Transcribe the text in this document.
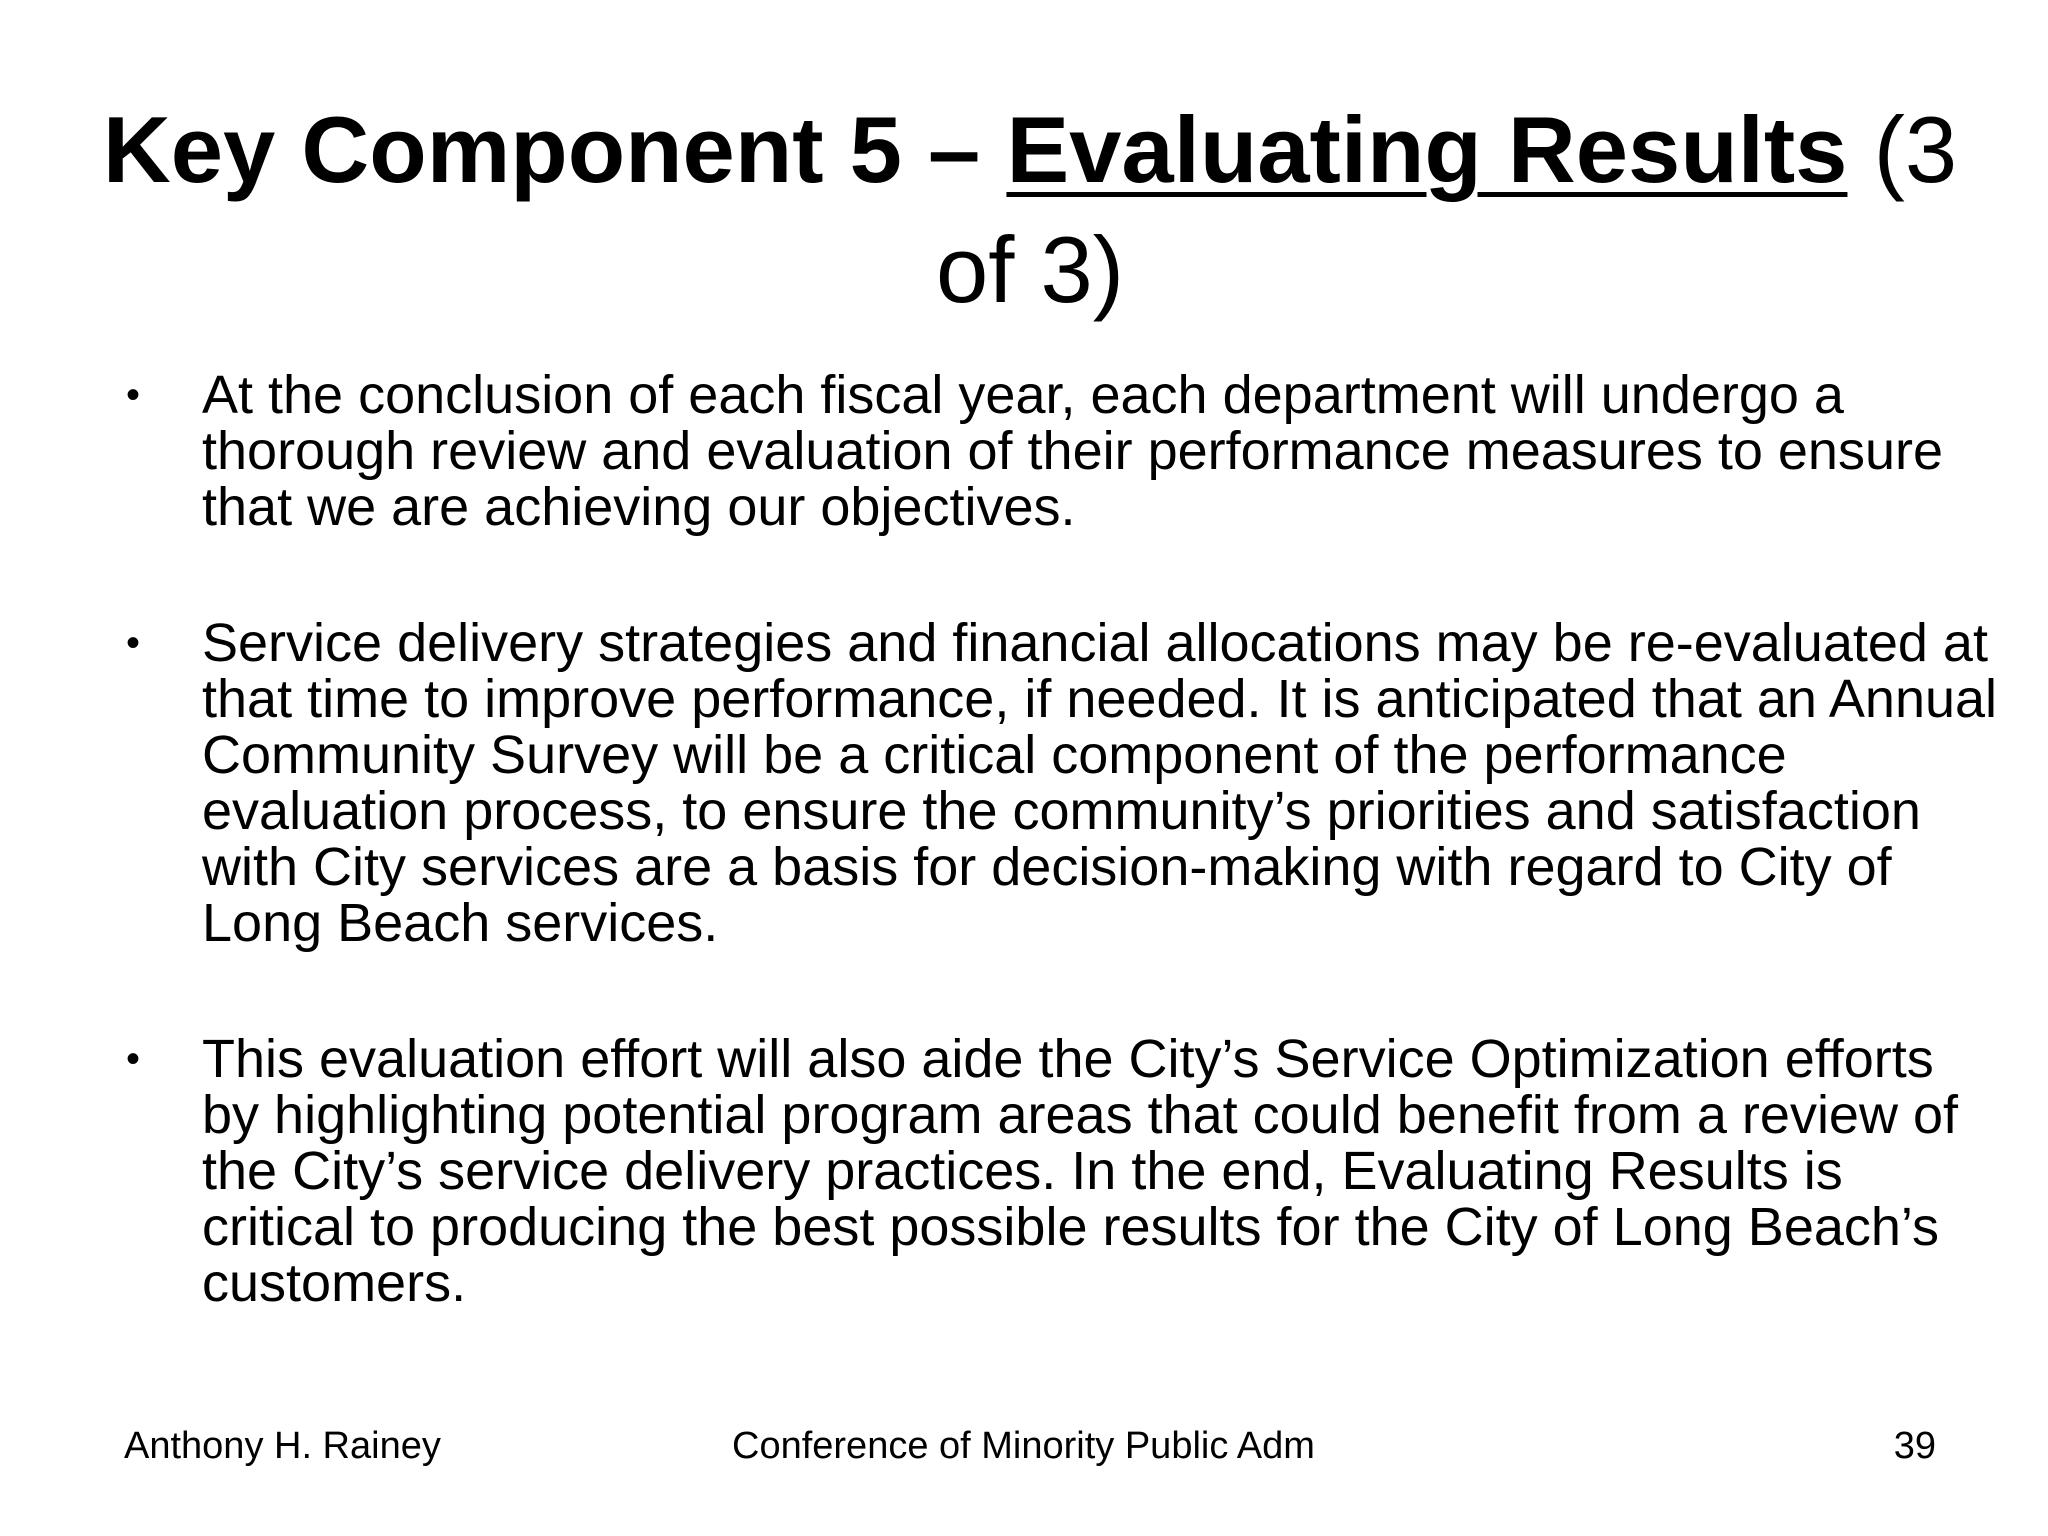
Key Component 5 – Evaluating Results (3 of 3)
• At the conclusion of each fiscal year, each department will undergo a thorough review and evaluation of their performance measures to ensure that we are achieving our objectives.
• Service delivery strategies and financial allocations may be re-evaluated at that time to improve performance, if needed. It is anticipated that an Annual Community Survey will be a critical component of the performance evaluation process, to ensure the community’s priorities and satisfaction with City services are a basis for decision-making with regard to City of Long Beach services.
• This evaluation effort will also aide the City’s Service Optimization efforts by highlighting potential program areas that could benefit from a review of the City’s service delivery practices. In the end, Evaluating Results is critical to producing the best possible results for the City of Long Beach’s customers.
Anthony H. Rainey	Conference of Minority Public Adm	39
